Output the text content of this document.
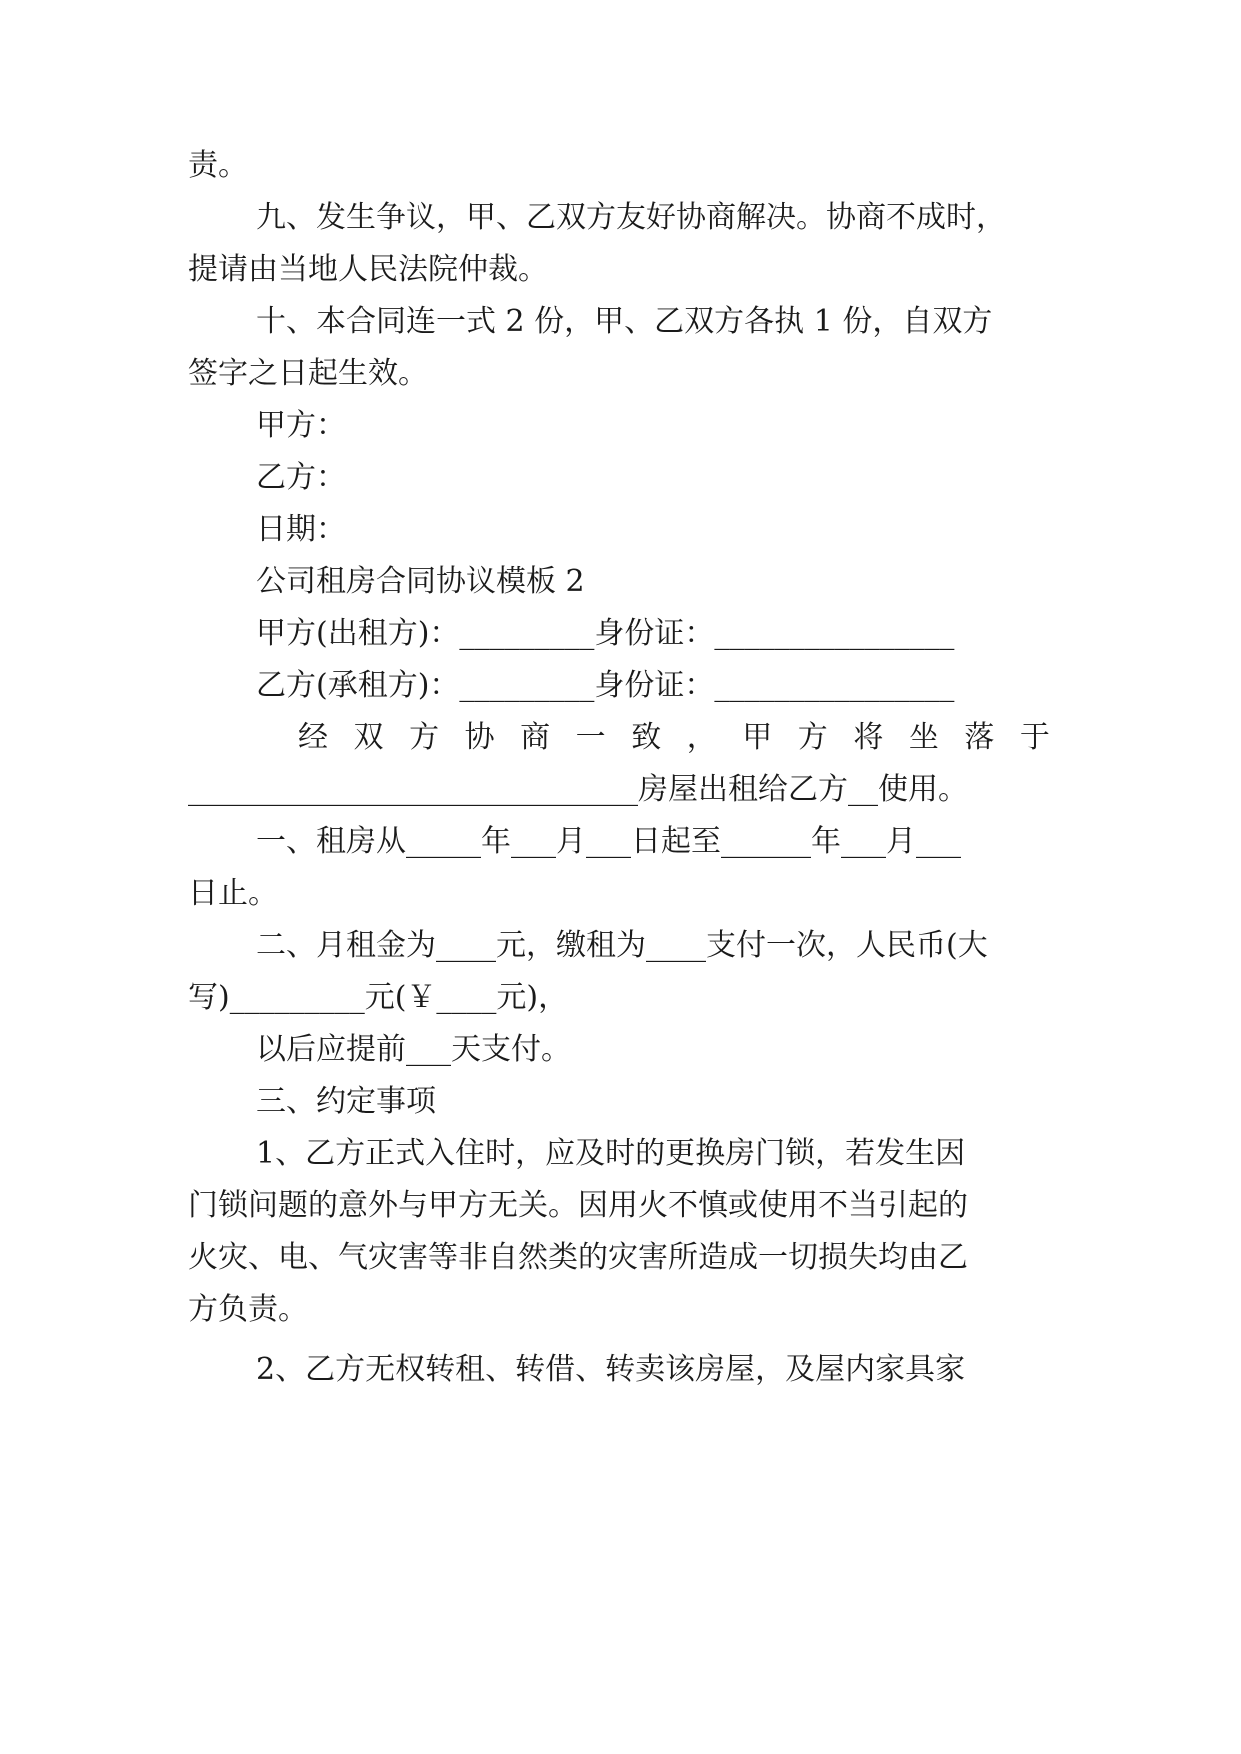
责。
九、发生争议，甲、乙双方友好协商解决。协商不成时，
提请由当地人民法院仲裁。
十、本合同连一式 2 份，甲、乙双方各执 1 份，自双方
签字之日起生效。
甲方：
乙方：
日期：
公司租房合同协议模板 2
甲方(出租方)：_________身份证：________________
乙方(承租方)：_________身份证：________________
经 双 方 协 商 一 致 ， 甲 方 将 坐 落 于
______________________________房屋出租给乙方__使用。
一、租房从_____年___月___日起至______年___月___
日止。
二、月租金为____元，缴租为____支付一次，人民币(大
写)_________元(￥____元)，
以后应提前___天支付。
三、约定事项
1、乙方正式入住时，应及时的更换房门锁，若发生因
门锁问题的意外与甲方无关。因用火不慎或使用不当引起的
火灾、电、气灾害等非自然类的灾害所造成一切损失均由乙
方负责。
2、乙方无权转租、转借、转卖该房屋，及屋内家具家
